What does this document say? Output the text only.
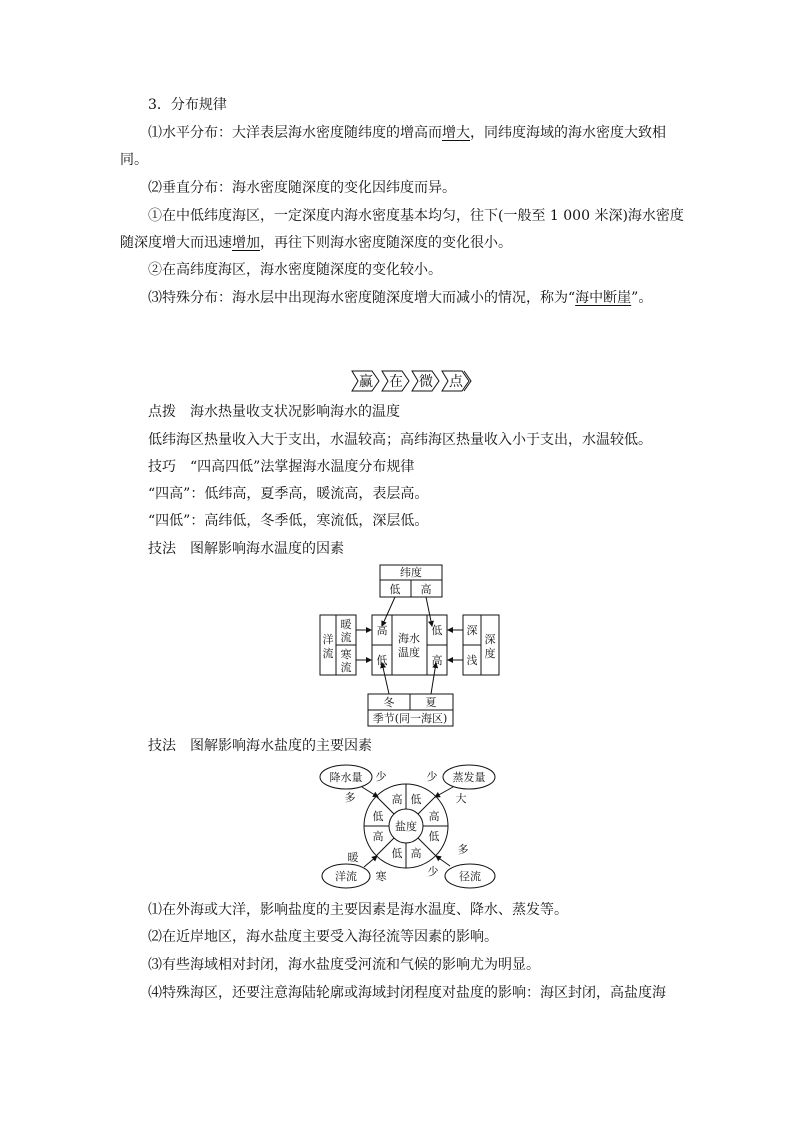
3．分布规律
⑴水平分布：大洋表层海水密度随纬度的增高而增大，同纬度海域的海水密度大致相
同。
⑵垂直分布：海水密度随深度的变化因纬度而异。
①在中低纬度海区，一定深度内海水密度基本均匀，往下(一般至 1 000 米深)海水密度
随深度增大而迅速增加，再往下则海水密度随深度的变化很小。
②在高纬度海区，海水密度随深度的变化较小。
⑶特殊分布：海水层中出现海水密度随深度增大而减小的情况，称为“海中断崖”。
赢 在 微 点
点拨　海水热量收支状况影响海水的温度
低纬海区热量收入大于支出，水温较高；高纬海区热量收入小于支出，水温较低。
技巧　“四高四低”法掌握海水温度分布规律
“四高”：低纬高，夏季高，暖流高，表层高。
“四低”：高纬低，冬季低，寒流低，深层低。
技法　图解影响海水温度的因素
纬度
低 高
高
低
海水
温度
低
高
洋
流
暖
流
寒
流
深
浅
深
度
冬	夏
季节(同一海区)
技法　图解影响海水盐度的主要因素
降水量	蒸发量
洋流	径流
少
多
少
大
暖
寒
多
少
高 低
低	高
盐度
高	低
低 高
⑴在外海或大洋，影响盐度的主要因素是海水温度、降水、蒸发等。
⑵在近岸地区，海水盐度主要受入海径流等因素的影响。
⑶有些海域相对封闭，海水盐度受河流和气候的影响尤为明显。
⑷特殊海区，还要注意海陆轮廓或海域封闭程度对盐度的影响：海区封闭，高盐度海
